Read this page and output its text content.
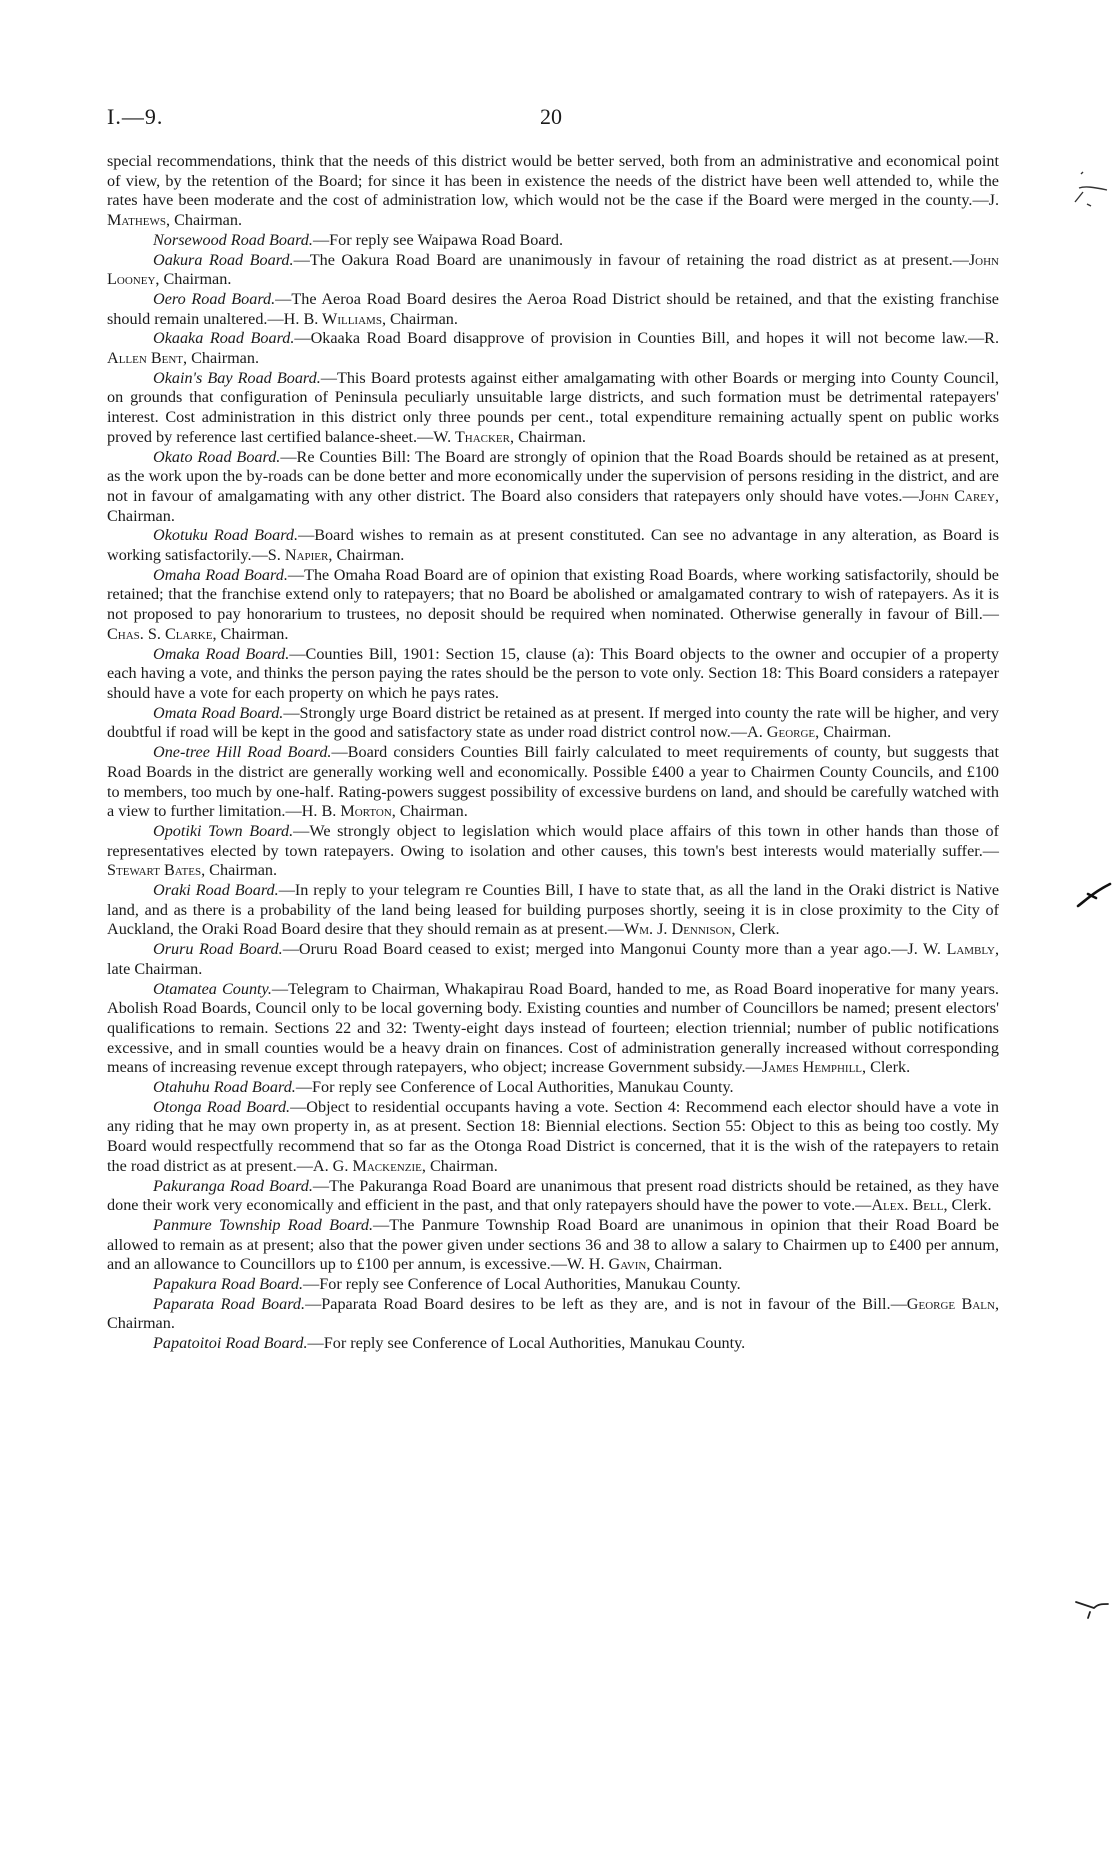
I.—9.	20

special recommendations, think that the needs of this district would be better served, both from an administrative and economical point of view, by the retention of the Board; for since it has been in existence the needs of the district have been well attended to, while the rates have been moderate and the cost of administration low, which would not be the case if the Board were merged in the county.—J. Mathews, Chairman.

Norsewood Road Board.—For reply see Waipawa Road Board.

Oakura Road Board.—The Oakura Road Board are unanimously in favour of retaining the road district as at present.—John Looney, Chairman.

Oero Road Board.—The Aeroa Road Board desires the Aeroa Road District should be retained, and that the existing franchise should remain unaltered.—H. B. Williams, Chairman.

Okaaka Road Board.—Okaaka Road Board disapprove of provision in Counties Bill, and hopes it will not become law.—R. Allen Bent, Chairman.

Okain's Bay Road Board.—This Board protests against either amalgamating with other Boards or merging into County Council, on grounds that configuration of Peninsula peculiarly unsuitable large districts, and such formation must be detrimental ratepayers' interest. Cost administration in this district only three pounds per cent., total expenditure remaining actually spent on public works proved by reference last certified balance-sheet.—W. Thacker, Chairman.

Okato Road Board.—Re Counties Bill: The Board are strongly of opinion that the Road Boards should be retained as at present, as the work upon the by-roads can be done better and more economically under the supervision of persons residing in the district, and are not in favour of amalgamating with any other district. The Board also considers that ratepayers only should have votes.—John Carey, Chairman.

Okotuku Road Board.—Board wishes to remain as at present constituted. Can see no advantage in any alteration, as Board is working satisfactorily.—S. Napier, Chairman.

Omaha Road Board.—The Omaha Road Board are of opinion that existing Road Boards, where working satisfactorily, should be retained; that the franchise extend only to ratepayers; that no Board be abolished or amalgamated contrary to wish of ratepayers. As it is not proposed to pay honorarium to trustees, no deposit should be required when nominated. Otherwise generally in favour of Bill.—Chas. S. Clarke, Chairman.

Omaka Road Board.—Counties Bill, 1901: Section 15, clause (a): This Board objects to the owner and occupier of a property each having a vote, and thinks the person paying the rates should be the person to vote only. Section 18: This Board considers a ratepayer should have a vote for each property on which he pays rates.

Omata Road Board.—Strongly urge Board district be retained as at present. If merged into county the rate will be higher, and very doubtful if road will be kept in the good and satisfactory state as under road district control now.—A. George, Chairman.

One-tree Hill Road Board.—Board considers Counties Bill fairly calculated to meet requirements of county, but suggests that Road Boards in the district are generally working well and economically. Possible £400 a year to Chairmen County Councils, and £100 to members, too much by one-half. Rating-powers suggest possibility of excessive burdens on land, and should be carefully watched with a view to further limitation.—H. B. Morton, Chairman.

Opotiki Town Board.—We strongly object to legislation which would place affairs of this town in other hands than those of representatives elected by town ratepayers. Owing to isolation and other causes, this town's best interests would materially suffer.—Stewart Bates, Chairman.

Oraki Road Board.—In reply to your telegram re Counties Bill, I have to state that, as all the land in the Oraki district is Native land, and as there is a probability of the land being leased for building purposes shortly, seeing it is in close proximity to the City of Auckland, the Oraki Road Board desire that they should remain as at present.—Wm. J. Dennison, Clerk.

Oruru Road Board.—Oruru Road Board ceased to exist; merged into Mangonui County more than a year ago.—J. W. Lambly, late Chairman.

Otamatea County.—Telegram to Chairman, Whakapirau Road Board, handed to me, as Road Board inoperative for many years. Abolish Road Boards, Council only to be local governing body. Existing counties and number of Councillors be named; present electors' qualifications to remain. Sections 22 and 32: Twenty-eight days instead of fourteen; election triennial; number of public notifications excessive, and in small counties would be a heavy drain on finances. Cost of administration generally increased without corresponding means of increasing revenue except through ratepayers, who object; increase Government subsidy.—James Hemphill, Clerk.

Otahuhu Road Board.—For reply see Conference of Local Authorities, Manukau County.

Otonga Road Board.—Object to residential occupants having a vote. Section 4: Recommend each elector should have a vote in any riding that he may own property in, as at present. Section 18: Biennial elections. Section 55: Object to this as being too costly. My Board would respectfully recommend that so far as the Otonga Road District is concerned, that it is the wish of the ratepayers to retain the road district as at present.—A. G. Mackenzie, Chairman.

Pakuranga Road Board.—The Pakuranga Road Board are unanimous that present road districts should be retained, as they have done their work very economically and efficient in the past, and that only ratepayers should have the power to vote.—Alex. Bell, Clerk.

Panmure Township Road Board.—The Panmure Township Road Board are unanimous in opinion that their Road Board be allowed to remain as at present; also that the power given under sections 36 and 38 to allow a salary to Chairmen up to £400 per annum, and an allowance to Councillors up to £100 per annum, is excessive.—W. H. Gavin, Chairman.

Papakura Road Board.—For reply see Conference of Local Authorities, Manukau County.

Paparata Road Board.—Paparata Road Board desires to be left as they are, and is not in favour of the Bill.—George Baln, Chairman.

Papatoitoi Road Board.—For reply see Conference of Local Authorities, Manukau County.
